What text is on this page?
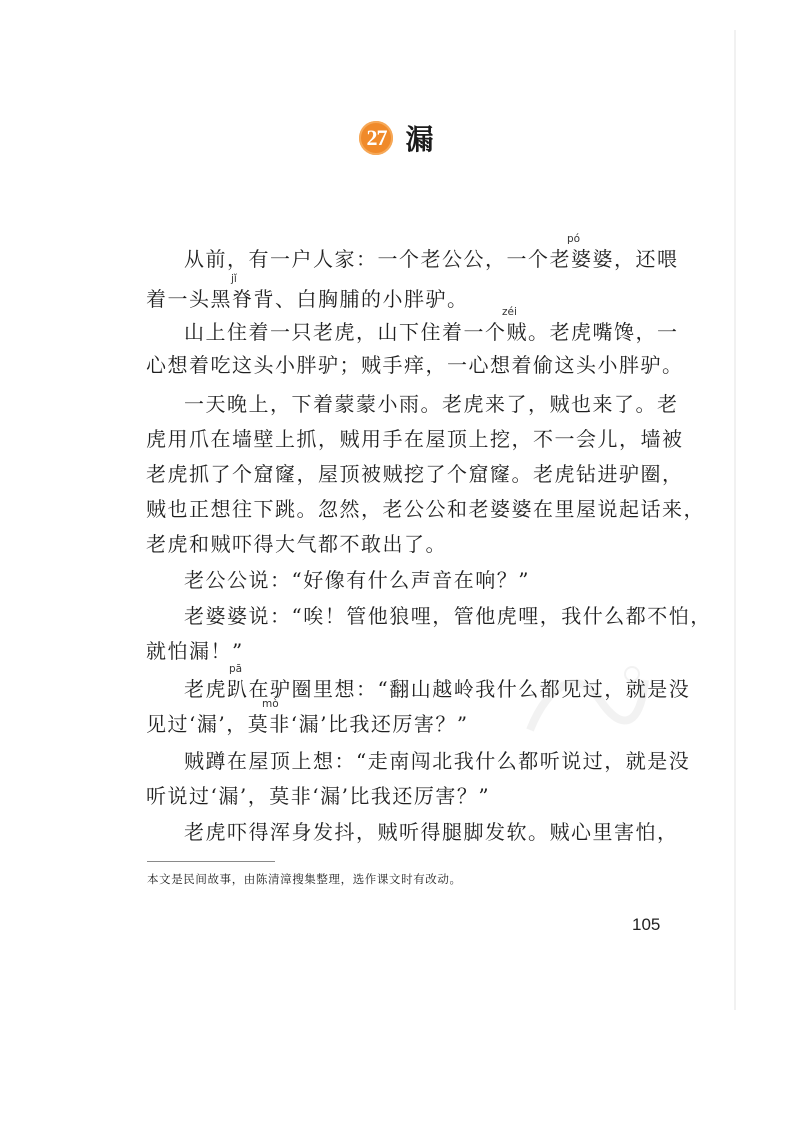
27 漏
从前，有一户人家：一个老公公，一个老婆婆，还喂
着一头黑脊背、白胸脯的小胖驴。
山上住着一只老虎，山下住着一个贼。老虎嘴馋，一
心想着吃这头小胖驴；贼手痒，一心想着偷这头小胖驴。
一天晚上，下着蒙蒙小雨。老虎来了，贼也来了。老
虎用爪在墙壁上抓，贼用手在屋顶上挖，不一会儿，墙被
老虎抓了个窟窿，屋顶被贼挖了个窟窿。老虎钻进驴圈，
贼也正想往下跳。忽然，老公公和老婆婆在里屋说起话来，
老虎和贼吓得大气都不敢出了。
老公公说：“好像有什么声音在响？”
老婆婆说：“唉！管他狼哩，管他虎哩，我什么都不怕，
就怕漏！”
老虎趴在驴圈里想：“翻山越岭我什么都见过，就是没
见过‘漏’，莫非‘漏’比我还厉害？”
贼蹲在屋顶上想：“走南闯北我什么都听说过，就是没
听说过‘漏’，莫非‘漏’比我还厉害？”
老虎吓得浑身发抖，贼听得腿脚发软。贼心里害怕，
pó
jǐ
zéi
pā
mò
本文是民间故事，由陈清漳搜集整理，选作课文时有改动。
105
